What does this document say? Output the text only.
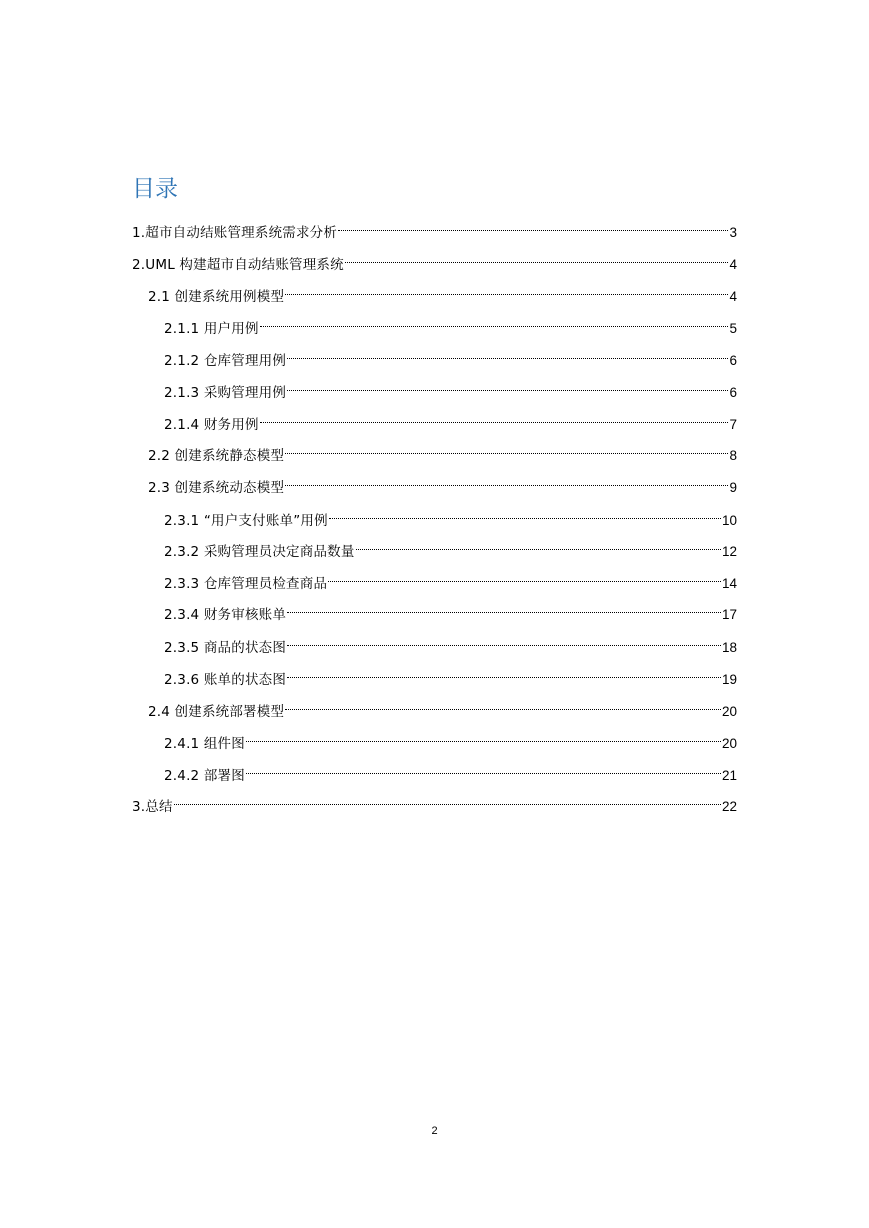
目录
1.超市自动结账管理系统需求分析	3
2.UML 构建超市自动结账管理系统	4
2.1 创建系统用例模型	4
2.1.1 用户用例	5
2.1.2 仓库管理用例	6
2.1.3 采购管理用例	6
2.1.4 财务用例	7
2.2 创建系统静态模型	8
2.3 创建系统动态模型	9
2.3.1 “用户支付账单”用例	10
2.3.2 采购管理员决定商品数量	12
2.3.3 仓库管理员检查商品	14
2.3.4 财务审核账单	17
2.3.5 商品的状态图	18
2.3.6 账单的状态图	19
2.4 创建系统部署模型	20
2.4.1 组件图	20
2.4.2 部署图	21
3.总结	22
2
